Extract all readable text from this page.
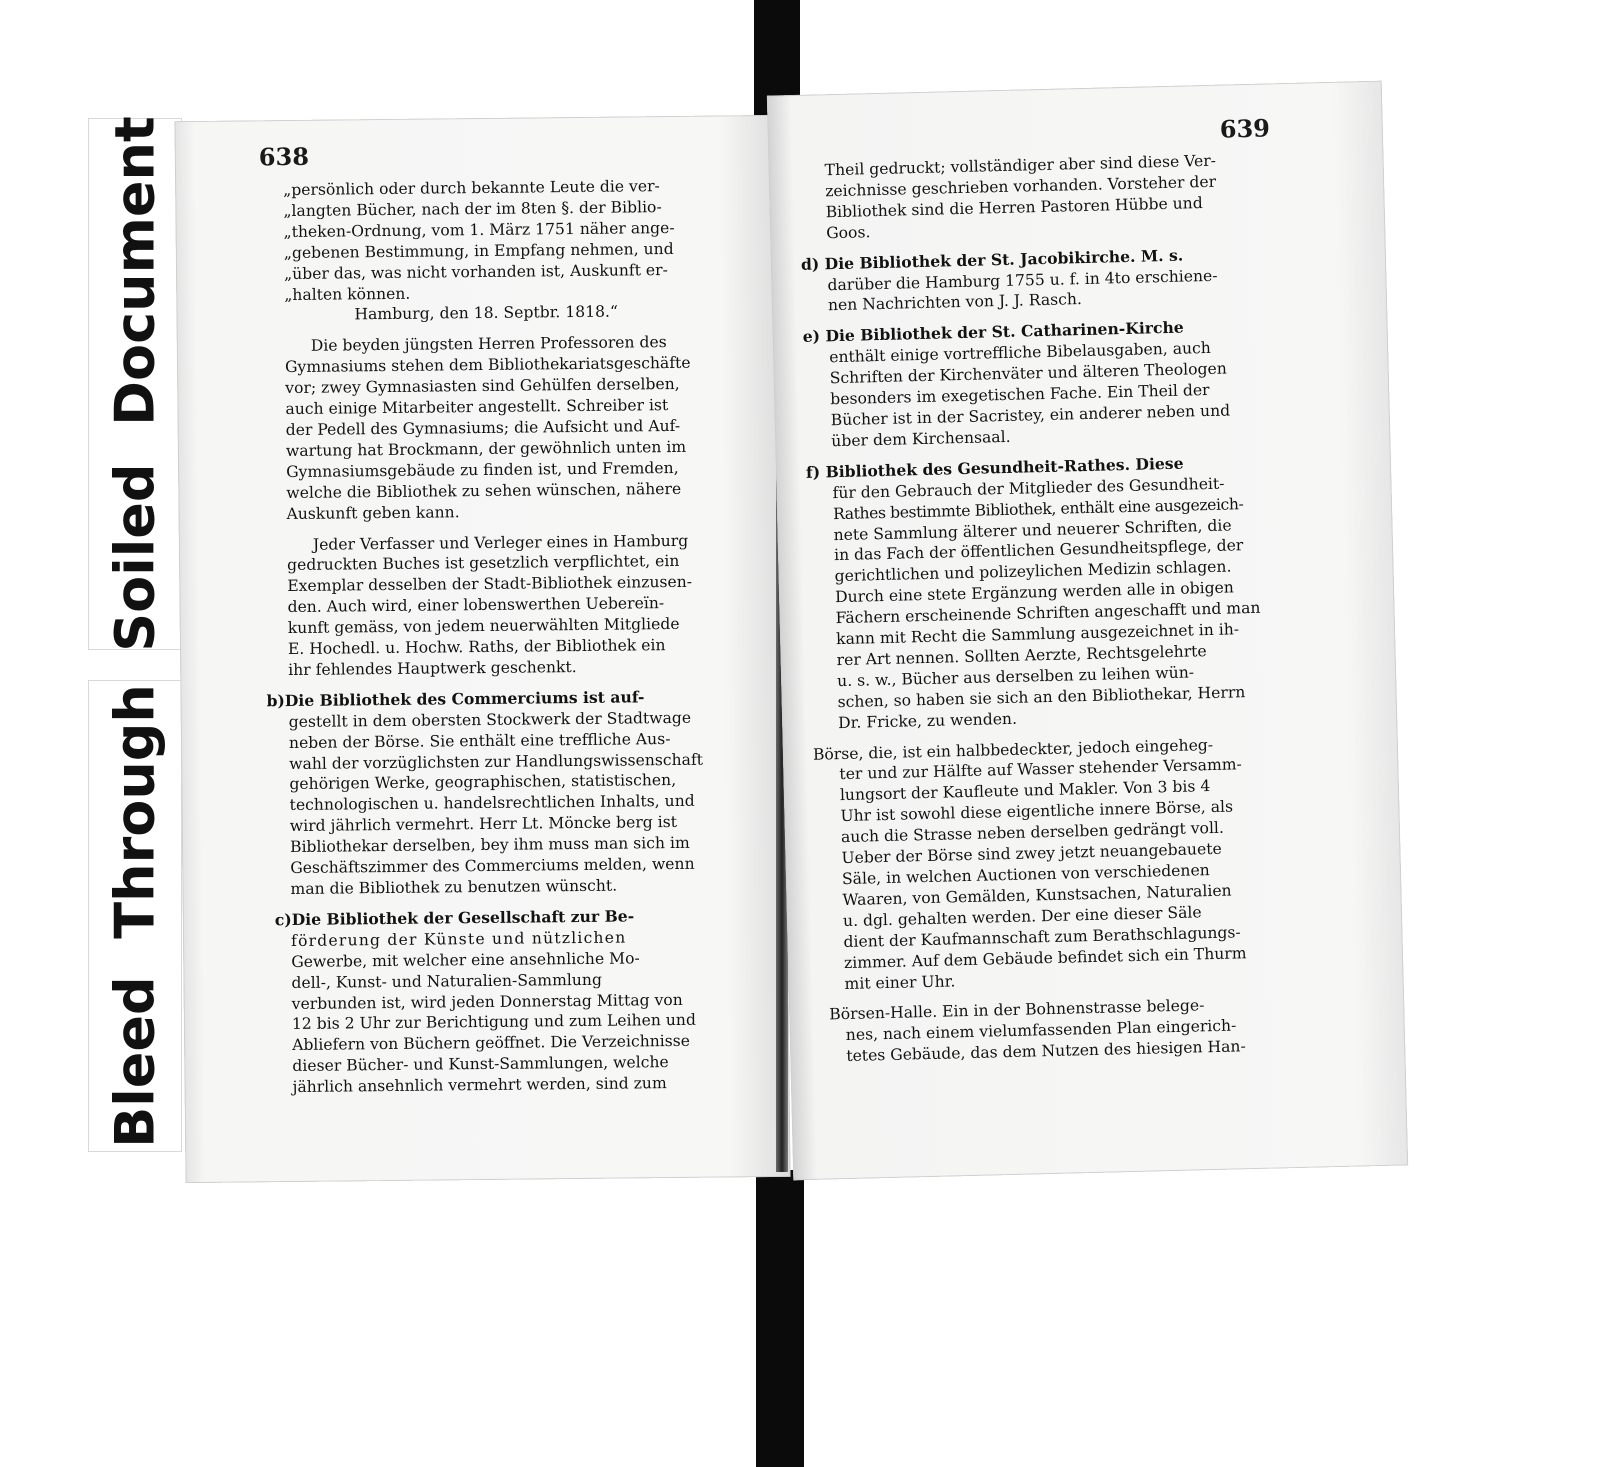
Bleed  Through
Soiled  Document	638
„persönlich oder durch bekannte Leute die ver-
„langten Bücher, nach der im 8ten §. der Biblio-
„theken-Ordnung, vom 1. März 1751 näher ange-
„gebenen Bestimmung, in Empfang nehmen, und
„über das, was nicht vorhanden ist, Auskunft er-
„halten können.
Hamburg, den 18. Septbr. 1818.“
Die beyden jüngsten Herren Professoren des
Gymnasiums stehen dem Bibliothekariatsgeschäfte
vor; zwey Gymnasiasten sind Gehülfen derselben,
auch einige Mitarbeiter angestellt. Schreiber ist
der Pedell des Gymnasiums; die Aufsicht und Auf-
wartung hat Brockmann, der gewöhnlich unten im
Gymnasiumsgebäude zu finden ist, und Fremden,
welche die Bibliothek zu sehen wünschen, nähere
Auskunft geben kann.
Jeder Verfasser und Verleger eines in Hamburg
gedruckten Buches ist gesetzlich verpflichtet, ein
Exemplar desselben der Stadt-Bibliothek einzusen-
den. Auch wird, einer lobenswerthen Uebereïn-
kunft gemäss, von jedem neuerwählten Mitgliede
E. Hochedl. u. Hochw. Raths, der Bibliothek ein
ihr fehlendes Hauptwerk geschenkt.
b)Die Bibliothek des Commerciums ist auf-
gestellt in dem obersten Stockwerk der Stadtwage
neben der Börse. Sie enthält eine treffliche Aus-
wahl der vorzüglichsten zur Handlungswissenschaft
gehörigen Werke, geographischen, statistischen,
technologischen u. handelsrechtlichen Inhalts, und
wird jährlich vermehrt. Herr Lt. Möncke berg ist
Bibliothekar derselben, bey ihm muss man sich im
Geschäftszimmer des Commerciums melden, wenn
man die Bibliothek zu benutzen wünscht.
c)Die Bibliothek der Gesellschaft zur Be-
förderung der Künste und nützlichen
Gewerbe, mit welcher eine ansehnliche Mo-
dell-, Kunst- und Naturalien-Sammlung
verbunden ist, wird jeden Donnerstag Mittag von
12 bis 2 Uhr zur Berichtigung und zum Leihen und
Abliefern von Büchern geöffnet. Die Verzeichnisse
dieser Bücher- und Kunst-Sammlungen, welche
jährlich ansehnlich vermehrt werden, sind zum
639
Theil gedruckt; vollständiger aber sind diese Ver-
zeichnisse geschrieben vorhanden. Vorsteher der
Bibliothek sind die Herren Pastoren Hübbe und
Goos.
d) Die Bibliothek der St. Jacobikirche. M. s.
darüber die Hamburg 1755 u. f. in 4to erschiene-
nen Nachrichten von J. J. Rasch.
e) Die Bibliothek der St. Catharinen-Kirche
enthält einige vortreffliche Bibelausgaben, auch
Schriften der Kirchenväter und älteren Theologen
besonders im exegetischen Fache. Ein Theil der
Bücher ist in der Sacristey, ein anderer neben und
über dem Kirchensaal.
f) Bibliothek des Gesundheit-Rathes. Diese
für den Gebrauch der Mitglieder des Gesundheit-
Rathes bestimmte Bibliothek, enthält eine ausgezeich-
nete Sammlung älterer und neuerer Schriften, die
in das Fach der öffentlichen Gesundheitspflege, der
gerichtlichen und polizeylichen Medizin schlagen.
Durch eine stete Ergänzung werden alle in obigen
Fächern erscheinende Schriften angeschafft und man
kann mit Recht die Sammlung ausgezeichnet in ih-
rer Art nennen. Sollten Aerzte, Rechtsgelehrte
u. s. w., Bücher aus derselben zu leihen wün-
schen, so haben sie sich an den Bibliothekar, Herrn
Dr. Fricke, zu wenden.
Börse, die, ist ein halbbedeckter, jedoch eingeheg-
ter und zur Hälfte auf Wasser stehender Versamm-
lungsort der Kaufleute und Makler. Von 3 bis 4
Uhr ist sowohl diese eigentliche innere Börse, als
auch die Strasse neben derselben gedrängt voll.
Ueber der Börse sind zwey jetzt neuangebauete
Säle, in welchen Auctionen von verschiedenen
Waaren, von Gemälden, Kunstsachen, Naturalien
u. dgl. gehalten werden. Der eine dieser Säle
dient der Kaufmannschaft zum Berathschlagungs-
zimmer. Auf dem Gebäude befindet sich ein Thurm
mit einer Uhr.
Börsen-Halle. Ein in der Bohnenstrasse belege-
nes, nach einem vielumfassenden Plan eingerich-
tetes Gebäude, das dem Nutzen des hiesigen Han-
